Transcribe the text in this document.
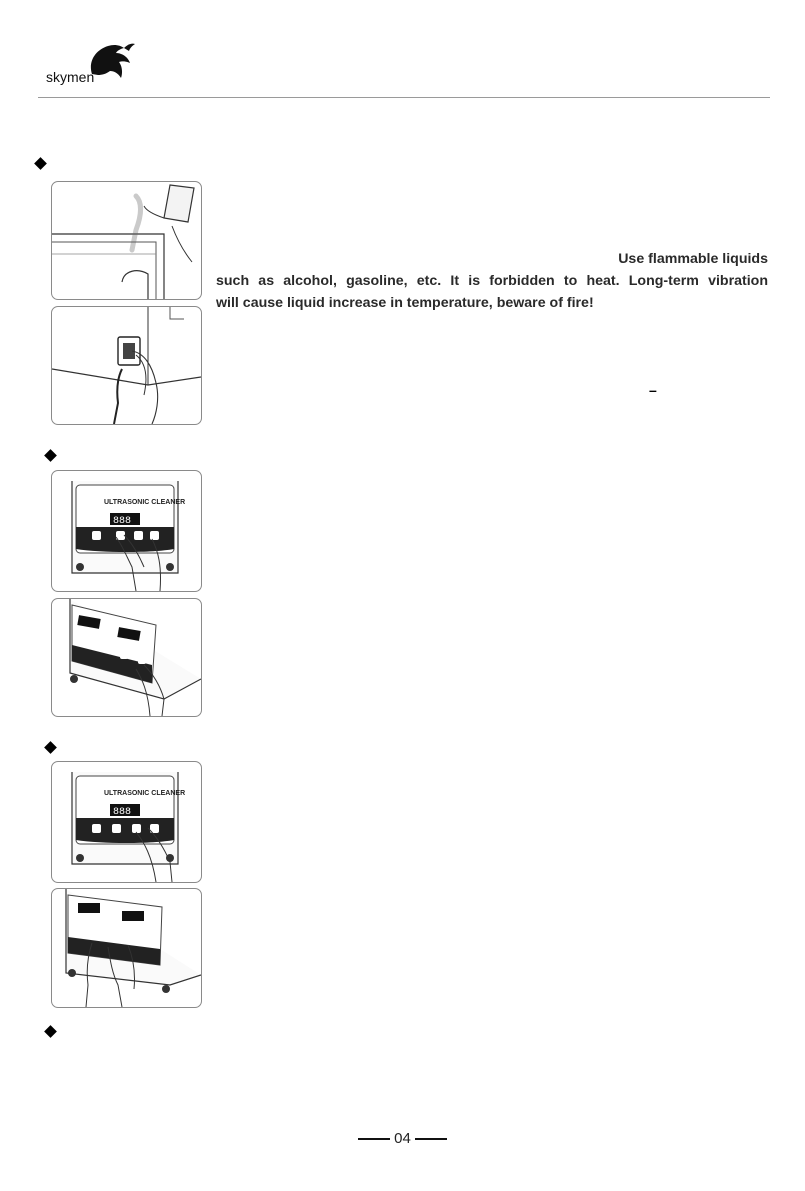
skymen
Use flammable liquids
such as alcohol, gasoline, etc. It is forbidden to heat. Long-term vibration
will cause liquid increase in temperature, beware of fire!
–
ULTRASONIC CLEANER
888
ULTRASONIC CLEANER
888
04
